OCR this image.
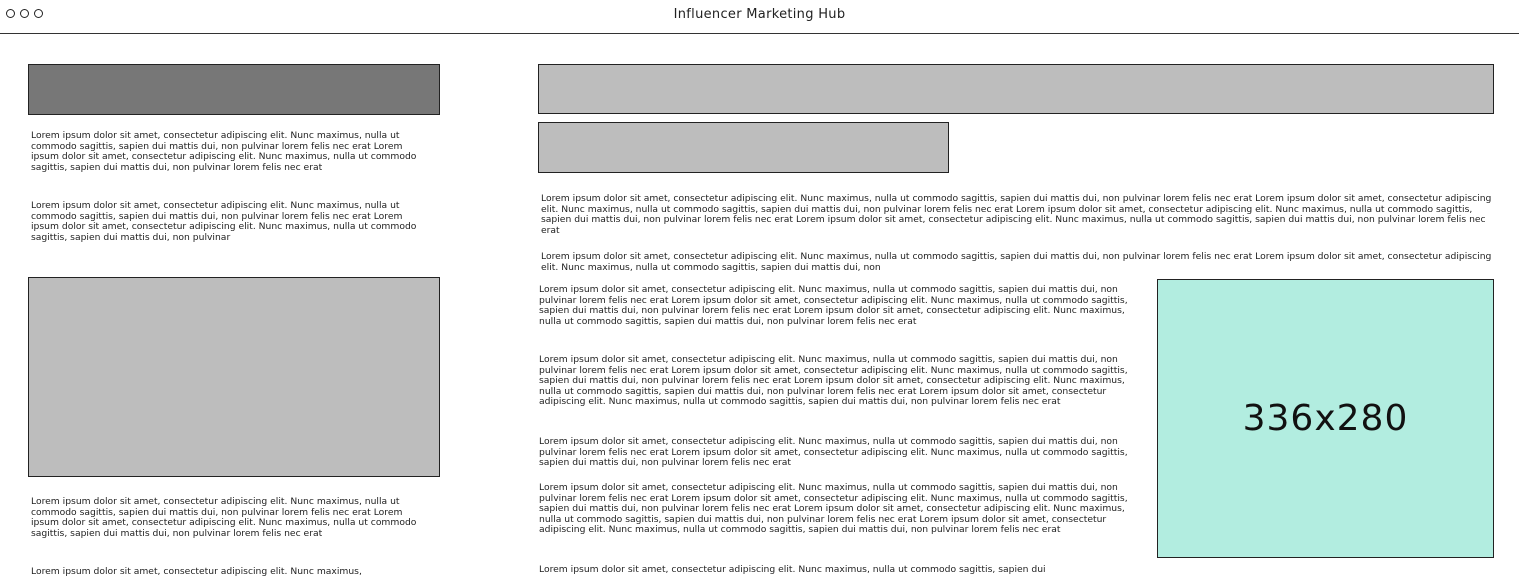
Influencer Marketing Hub

Lorem ipsum dolor sit amet, consectetur adipiscing elit. Nunc maximus, nulla ut commodo sagittis, sapien dui mattis dui, non pulvinar lorem felis nec erat Lorem ipsum dolor sit amet, consectetur adipiscing elit. Nunc maximus, nulla ut commodo sagittis, sapien dui mattis dui, non pulvinar lorem felis nec erat

Lorem ipsum dolor sit amet, consectetur adipiscing elit. Nunc maximus, nulla ut commodo sagittis, sapien dui mattis dui, non pulvinar lorem felis nec erat Lorem ipsum dolor sit amet, consectetur adipiscing elit. Nunc maximus, nulla ut commodo sagittis, sapien dui mattis dui, non pulvinar

Lorem ipsum dolor sit amet, consectetur adipiscing elit. Nunc maximus, nulla ut commodo sagittis, sapien dui mattis dui, non pulvinar lorem felis nec erat Lorem ipsum dolor sit amet, consectetur adipiscing elit. Nunc maximus, nulla ut commodo sagittis, sapien dui mattis dui, non pulvinar lorem felis nec erat

Lorem ipsum dolor sit amet, consectetur adipiscing elit. Nunc maximus,

Lorem ipsum dolor sit amet, consectetur adipiscing elit. Nunc maximus, nulla ut commodo sagittis, sapien dui mattis dui, non pulvinar lorem felis nec erat Lorem ipsum dolor sit amet, consectetur adipiscing elit. Nunc maximus, nulla ut commodo sagittis, sapien dui mattis dui, non pulvinar lorem felis nec erat Lorem ipsum dolor sit amet, consectetur adipiscing elit. Nunc maximus, nulla ut commodo sagittis, sapien dui mattis dui, non pulvinar lorem felis nec erat Lorem ipsum dolor sit amet, consectetur adipiscing elit. Nunc maximus, nulla ut commodo sagittis, sapien dui mattis dui, non pulvinar lorem felis nec erat

Lorem ipsum dolor sit amet, consectetur adipiscing elit. Nunc maximus, nulla ut commodo sagittis, sapien dui mattis dui, non pulvinar lorem felis nec erat Lorem ipsum dolor sit amet, consectetur adipiscing elit. Nunc maximus, nulla ut commodo sagittis, sapien dui mattis dui, non

Lorem ipsum dolor sit amet, consectetur adipiscing elit. Nunc maximus, nulla ut commodo sagittis, sapien dui mattis dui, non pulvinar lorem felis nec erat Lorem ipsum dolor sit amet, consectetur adipiscing elit. Nunc maximus, nulla ut commodo sagittis, sapien dui mattis dui, non pulvinar lorem felis nec erat Lorem ipsum dolor sit amet, consectetur adipiscing elit. Nunc maximus, nulla ut commodo sagittis, sapien dui mattis dui, non pulvinar lorem felis nec erat

Lorem ipsum dolor sit amet, consectetur adipiscing elit. Nunc maximus, nulla ut commodo sagittis, sapien dui mattis dui, non pulvinar lorem felis nec erat Lorem ipsum dolor sit amet, consectetur adipiscing elit. Nunc maximus, nulla ut commodo sagittis, sapien dui mattis dui, non pulvinar lorem felis nec erat Lorem ipsum dolor sit amet, consectetur adipiscing elit. Nunc maximus, nulla ut commodo sagittis, sapien dui mattis dui, non pulvinar lorem felis nec erat Lorem ipsum dolor sit amet, consectetur adipiscing elit. Nunc maximus, nulla ut commodo sagittis, sapien dui mattis dui, non pulvinar lorem felis nec erat

Lorem ipsum dolor sit amet, consectetur adipiscing elit. Nunc maximus, nulla ut commodo sagittis, sapien dui mattis dui, non pulvinar lorem felis nec erat Lorem ipsum dolor sit amet, consectetur adipiscing elit. Nunc maximus, nulla ut commodo sagittis, sapien dui mattis dui, non pulvinar lorem felis nec erat

Lorem ipsum dolor sit amet, consectetur adipiscing elit. Nunc maximus, nulla ut commodo sagittis, sapien dui mattis dui, non pulvinar lorem felis nec erat Lorem ipsum dolor sit amet, consectetur adipiscing elit. Nunc maximus, nulla ut commodo sagittis, sapien dui mattis dui, non pulvinar lorem felis nec erat Lorem ipsum dolor sit amet, consectetur adipiscing elit. Nunc maximus, nulla ut commodo sagittis, sapien dui mattis dui, non pulvinar lorem felis nec erat Lorem ipsum dolor sit amet, consectetur adipiscing elit. Nunc maximus, nulla ut commodo sagittis, sapien dui mattis dui, non pulvinar lorem felis nec erat

Lorem ipsum dolor sit amet, consectetur adipiscing elit. Nunc maximus, nulla ut commodo sagittis, sapien dui

336x280
